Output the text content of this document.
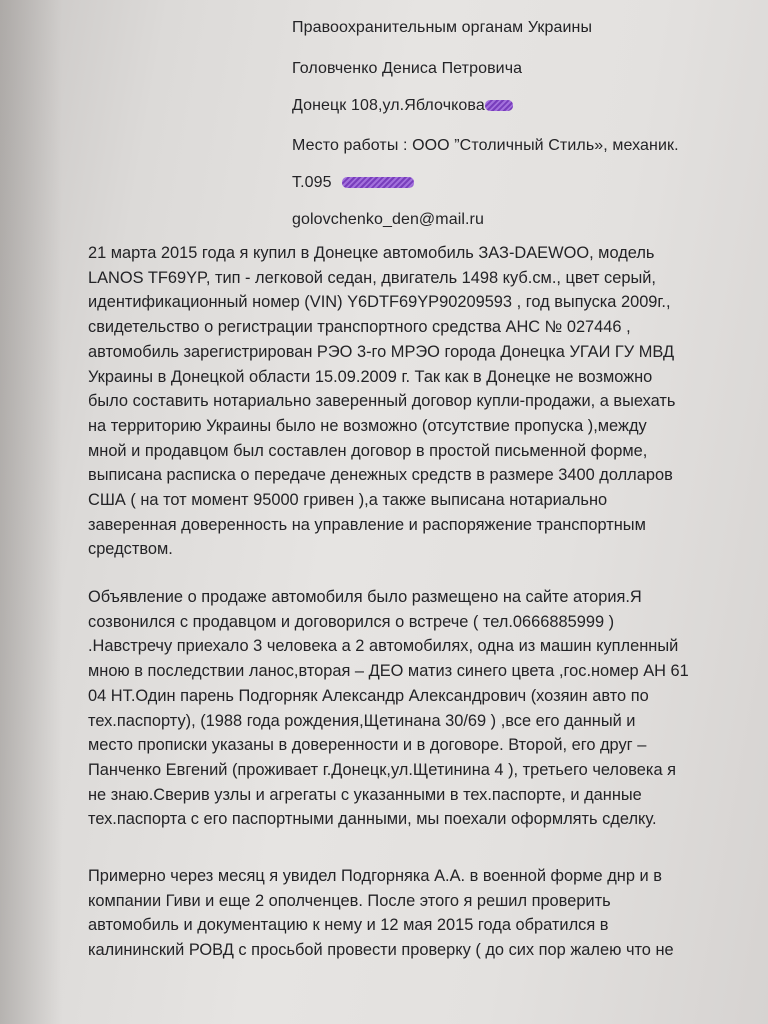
Правоохранительным органам Украины
Головченко Дениса Петровича
Донецк 108,ул.Яблочкова
Место работы : ООО ”Столичный Стиль», механик.
Т.095
golovchenko_den@mail.ru
21 марта 2015 года я купил в Донецке автомобиль ЗАЗ-DAEWOO, модель
LANOS TF69YP, тип - легковой седан, двигатель 1498 куб.см., цвет серый,
идентификационный номер (VIN) Y6DTF69YP90209593 , год выпуска 2009г.,
свидетельство о регистрации транспортного средства АНС № 027446 ,
автомобиль зарегистрирован РЭО 3-го МРЭО города Донецка УГАИ ГУ МВД
Украины в Донецкой области 15.09.2009 г. Так как в Донецке не возможно
было составить нотариально заверенный договор купли-продажи, а выехать
на территорию Украины было не возможно (отсутствие пропуска ),между
мной и продавцом был составлен договор в простой письменной форме,
выписана расписка о передаче денежных средств в размере 3400 долларов
США ( на тот момент 95000 гривен ),а также выписана нотариально
заверенная доверенность на управление и распоряжение транспортным
средством.
Объявление о продаже автомобиля было размещено на сайте атория.Я
созвонился с продавцом и договорился о встрече ( тел.0666885999 )
.Навстречу приехало 3 человека а 2 автомобилях, одна из машин купленный
мною в последствии ланос,вторая – ДЕО матиз синего цвета ,гос.номер АН 61
04 НТ.Один парень Подгорняк Александр Александрович (хозяин авто по
тех.паспорту), (1988 года рождения,Щетинана 30/69 ) ,все его данный и
место прописки указаны в доверенности и в договоре. Второй, его друг –
Панченко Евгений (проживает г.Донецк,ул.Щетинина 4 ), третьего человека я
не знаю.Сверив узлы и агрегаты с указанными в тех.паспорте, и данные
тех.паспорта с его паспортными данными, мы поехали оформлять сделку.
Примерно через месяц я увидел Подгорняка А.А. в военной форме днр и в
компании Гиви и еще 2 ополченцев. После этого я решил проверить
автомобиль и документацию к нему и 12 мая 2015 года обратился в
калининский РОВД с просьбой провести проверку ( до сих пор жалею что не
